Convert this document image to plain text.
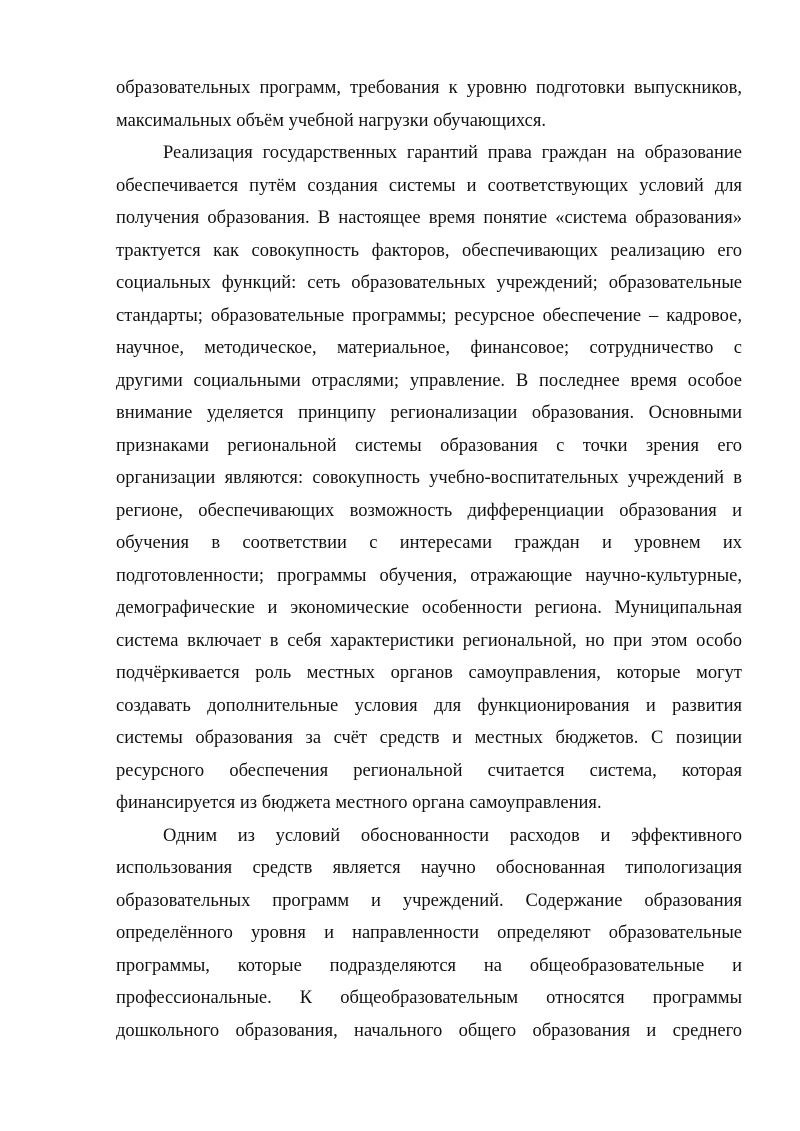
образовательных программ, требования к уровню подготовки выпускников,
максимальных объём учебной нагрузки обучающихся.
Реализация государственных гарантий права граждан на образование
обеспечивается путём создания системы и соответствующих условий для
получения образования. В настоящее время понятие «система образования»
трактуется как совокупность факторов, обеспечивающих реализацию его
социальных функций: сеть образовательных учреждений; образовательные
стандарты; образовательные программы; ресурсное обеспечение – кадровое,
научное, методическое, материальное, финансовое; сотрудничество с
другими социальными отраслями; управление. В последнее время особое
внимание уделяется принципу регионализации образования. Основными
признаками региональной системы образования с точки зрения его
организации являются: совокупность учебно-воспитательных учреждений в
регионе, обеспечивающих возможность дифференциации образования и
обучения в соответствии с интересами граждан и уровнем их
подготовленности; программы обучения, отражающие научно-культурные,
демографические и экономические особенности региона. Муниципальная
система включает в себя характеристики региональной, но при этом особо
подчёркивается роль местных органов самоуправления, которые могут
создавать дополнительные условия для функционирования и развития
системы образования за счёт средств и местных бюджетов. С позиции
ресурсного обеспечения региональной считается система, которая
финансируется из бюджета местного органа самоуправления.
Одним из условий обоснованности расходов и эффективного
использования средств является научно обоснованная типологизация
образовательных программ и учреждений. Содержание образования
определённого уровня и направленности определяют образовательные
программы, которые подразделяются на общеобразовательные и
профессиональные. К общеобразовательным относятся программы
дошкольного образования, начального общего образования и среднего
